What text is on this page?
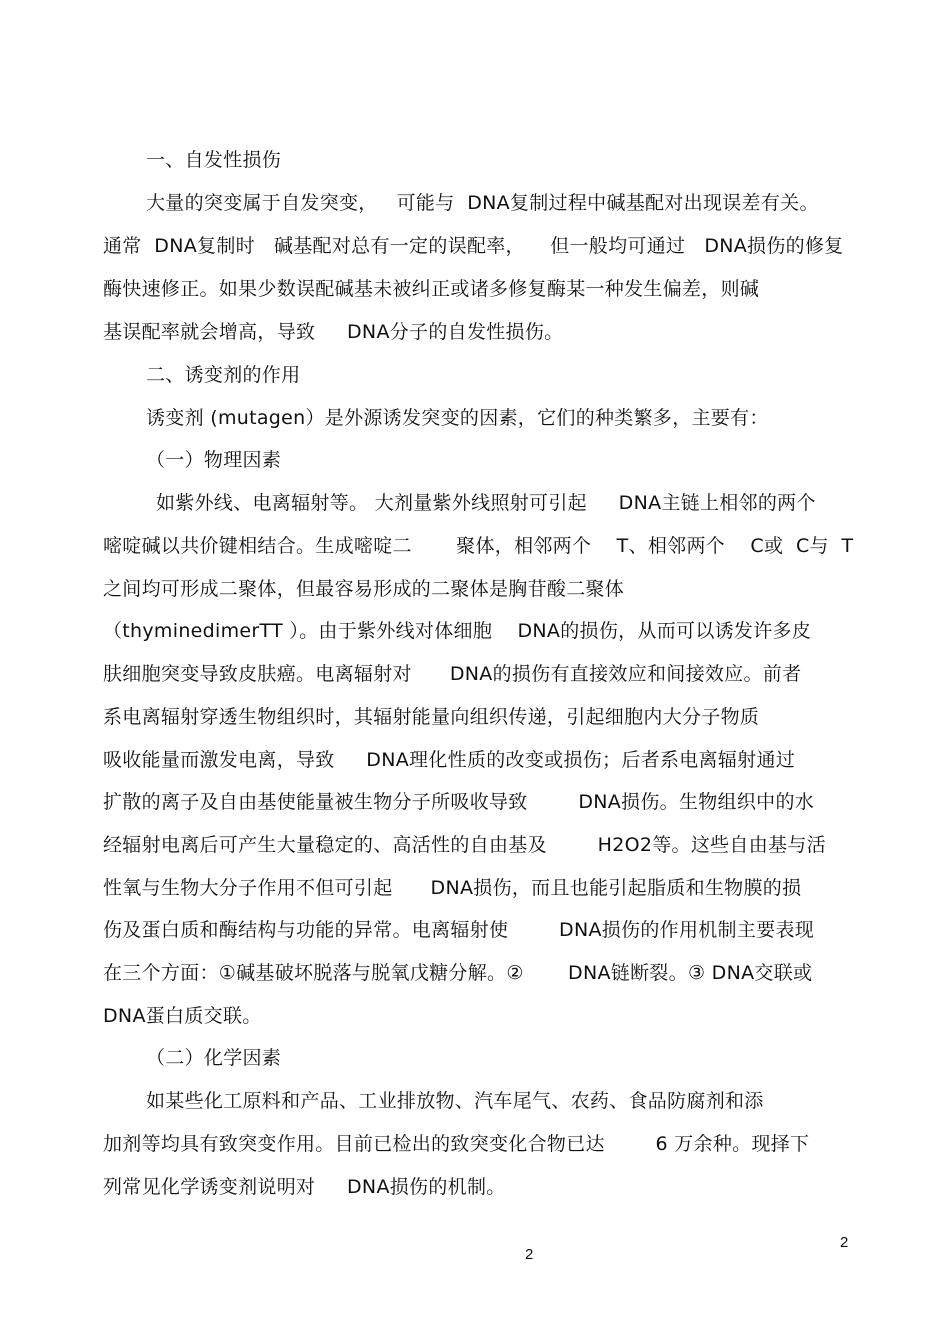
一、自发性损伤
大量的突变属于自发突变，   可能与  DNA复制过程中碱基配对出现误差有关。
通常  DNA复制时   碱基配对总有一定的误配率，    但一般均可通过   DNA损伤的修复
酶快速修正。如果少数误配碱基未被纠正或诸多修复酶某一种发生偏差，则碱
基误配率就会增高，导致     DNA分子的自发性损伤。
二、诱变剂的作用
诱变剂 (mutagen）是外源诱发突变的因素，它们的种类繁多，主要有：
（一）物理因素
如紫外线、电离辐射等。 大剂量紫外线照射可引起     DNA主链上相邻的两个
嘧啶碱以共价键相结合。生成嘧啶二       聚体，相邻两个    T、相邻两个    C或  C与  T
之间均可形成二聚体，但最容易形成的二聚体是胸苷酸二聚体
（thyminedimerTT ）。由于紫外线对体细胞    DNA的损伤，从而可以诱发许多皮
肤细胞突变导致皮肤癌。电离辐射对      DNA的损伤有直接效应和间接效应。前者
系电离辐射穿透生物组织时，其辐射能量向组织传递，引起细胞内大分子物质
吸收能量而激发电离，导致     DNA理化性质的改变或损伤；后者系电离辐射通过
扩散的离子及自由基使能量被生物分子所吸收导致        DNA损伤。生物组织中的水
经辐射电离后可产生大量稳定的、高活性的自由基及        H2O2等。这些自由基与活
性氧与生物大分子作用不但可引起      DNA损伤，而且也能引起脂质和生物膜的损
伤及蛋白质和酶结构与功能的异常。电离辐射使        DNA损伤的作用机制主要表现
在三个方面：①碱基破坏脱落与脱氧戊糖分解。②       DNA链断裂。③ DNA交联或
DNA蛋白质交联。
（二）化学因素
如某些化工原料和产品、工业排放物、汽车尾气、农药、食品防腐剂和添
加剂等均具有致突变作用。目前已检出的致突变化合物已达        6 万余种。现择下
列常见化学诱变剂说明对     DNA损伤的机制。
2
2
